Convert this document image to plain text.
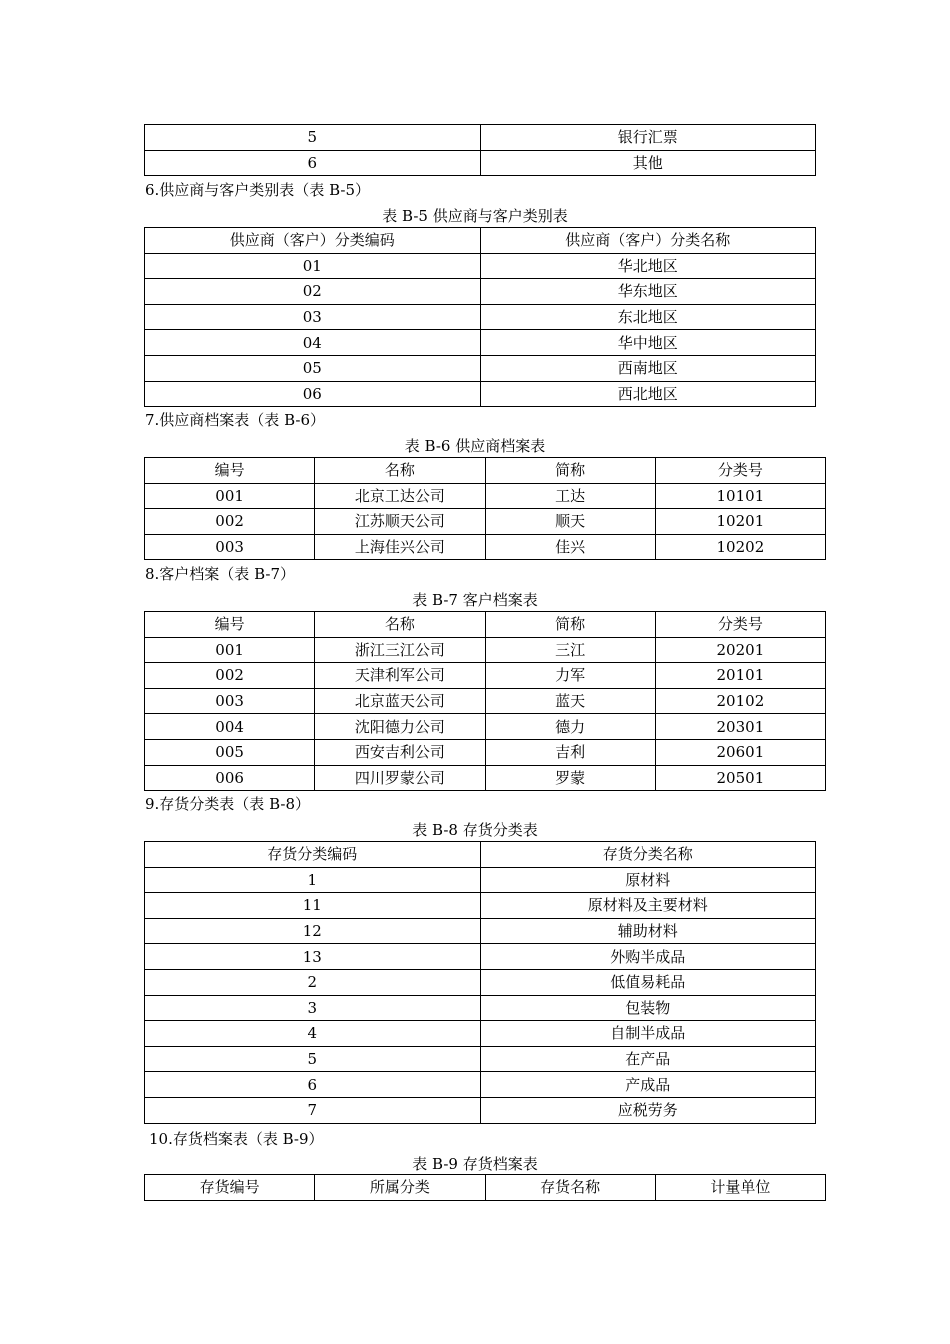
5	银行汇票
6	其他
6.供应商与客户类别表（表 B-5）
表 B-5 供应商与客户类别表
供应商（客户）分类编码	供应商（客户）分类名称
01	华北地区
02	华东地区
03	东北地区
04	华中地区
05	西南地区
06	西北地区
7.供应商档案表（表 B-6）
表 B-6 供应商档案表
编号	名称	简称	分类号
001	北京工达公司	工达	10101
002	江苏顺天公司	顺天	10201
003	上海佳兴公司	佳兴	10202
8.客户档案（表 B-7）
表 B-7 客户档案表
编号	名称	简称	分类号
001	浙江三江公司	三江	20201
002	天津利军公司	力军	20101
003	北京蓝天公司	蓝天	20102
004	沈阳德力公司	德力	20301
005	西安吉利公司	吉利	20601
006	四川罗蒙公司	罗蒙	20501
9.存货分类表（表 B-8）
表 B-8 存货分类表
存货分类编码	存货分类名称
1	原材料
11	原材料及主要材料
12	辅助材料
13	外购半成品
2	低值易耗品
3	包装物
4	自制半成品
5	在产品
6	产成品
7	应税劳务
10.存货档案表（表 B-9）
表 B-9 存货档案表
存货编号	所属分类	存货名称	计量单位
